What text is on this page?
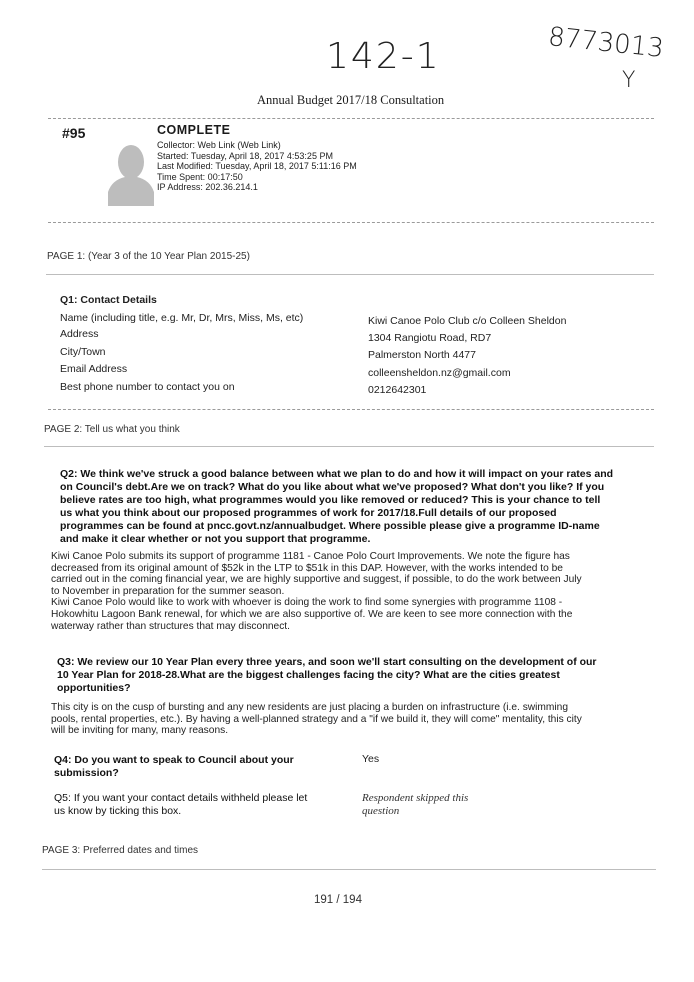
142-1	8773013
Y
Annual Budget 2017/18 Consultation
#95	COMPLETE
Collector: Web Link (Web Link)
Started: Tuesday, April 18, 2017 4:53:25 PM
Last Modified: Tuesday, April 18, 2017 5:11:16 PM
Time Spent: 00:17:50
IP Address: 202.36.214.1
PAGE 1: (Year 3 of the 10 Year Plan 2015-25)
Q1: Contact Details
Name (including title, e.g. Mr, Dr, Mrs, Miss, Ms, etc)
Address
City/Town
Email Address
Best phone number to contact you on
Kiwi Canoe Polo Club c/o Colleen Sheldon
1304 Rangiotu Road, RD7
Palmerston North 4477
colleensheldon.nz@gmail.com
0212642301
PAGE 2: Tell us what you think
Q2: We think we've struck a good balance between what we plan to do and how it will impact on your rates and
on Council's debt.Are we on track? What do you like about what we've proposed? What don't you like? If you
believe rates are too high, what programmes would you like removed or reduced? This is your chance to tell
us what you think about our proposed programmes of work for 2017/18.Full details of our proposed
programmes can be found at pncc.govt.nz/annualbudget. Where possible please give a programme ID-name
and make it clear whether or not you support that programme.
Kiwi Canoe Polo submits its support of programme 1181 - Canoe Polo Court Improvements. We note the figure has
decreased from its original amount of $52k in the LTP to $51k in this DAP. However, with the works intended to be
carried out in the coming financial year, we are highly supportive and suggest, if possible, to do the work between July
to November in preparation for the summer season.
Kiwi Canoe Polo would like to work with whoever is doing the work to find some synergies with programme 1108 -
Hokowhitu Lagoon Bank renewal, for which we are also supportive of. We are keen to see more connection with the
waterway rather than structures that may disconnect.
Q3: We review our 10 Year Plan every three years, and soon we'll start consulting on the development of our
10 Year Plan for 2018-28.What are the biggest challenges facing the city? What are the cities greatest
opportunities?
This city is on the cusp of bursting and any new residents are just placing a burden on infrastructure (i.e. swimming
pools, rental properties, etc.). By having a well-planned strategy and a "if we build it, they will come" mentality, this city
will be inviting for many, many reasons.
Q4: Do you want to speak to Council about your
submission?
Yes
Q5: If you want your contact details withheld please let
us know by ticking this box.
Respondent skipped this
question
PAGE 3: Preferred dates and times
191 / 194
